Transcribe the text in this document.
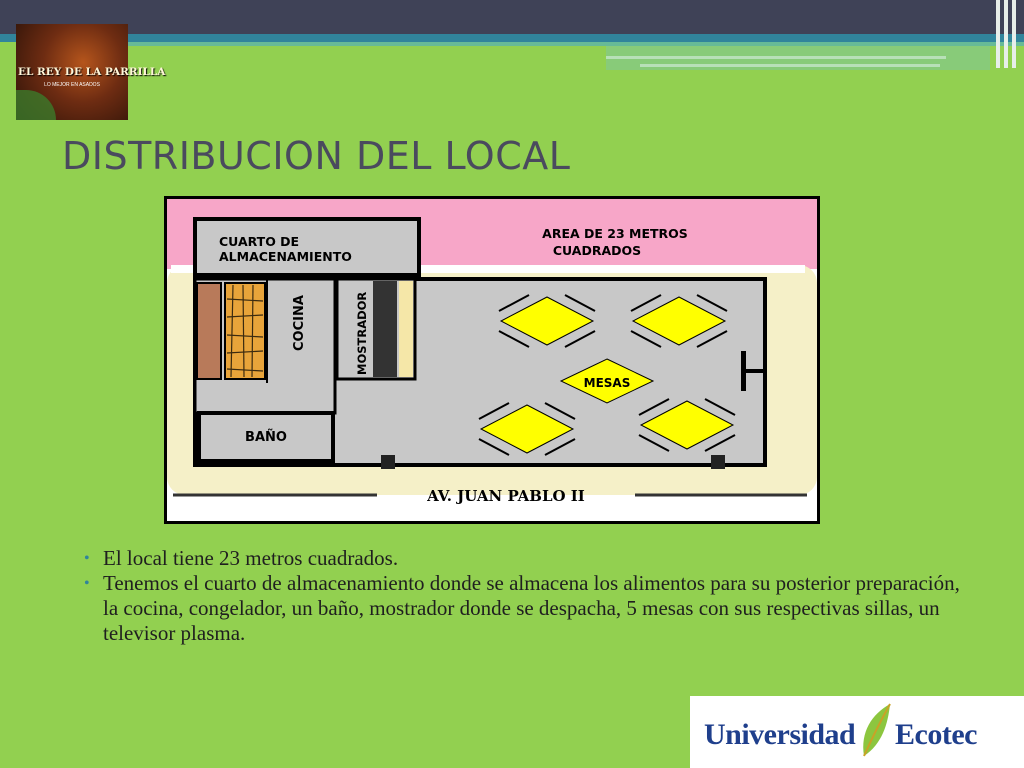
EL REY DE LA PARRILLA
LO MEJOR EN ASADOS
DISTRIBUCION DEL LOCAL
CUARTO DE
ALMACENAMIENTO
AREA DE 23 METROS
CUADRADOS
COCINA	MOSTRADOR
BAÑO
MESAS
AV. JUAN PABLO II
• El local tiene 23 metros cuadrados.
• Tenemos el cuarto de almacenamiento donde se almacena los alimentos para su posterior preparación, la cocina, congelador, un baño, mostrador donde se despacha, 5 mesas con sus respectivas sillas, un televisor plasma.
Universidad Ecotec
